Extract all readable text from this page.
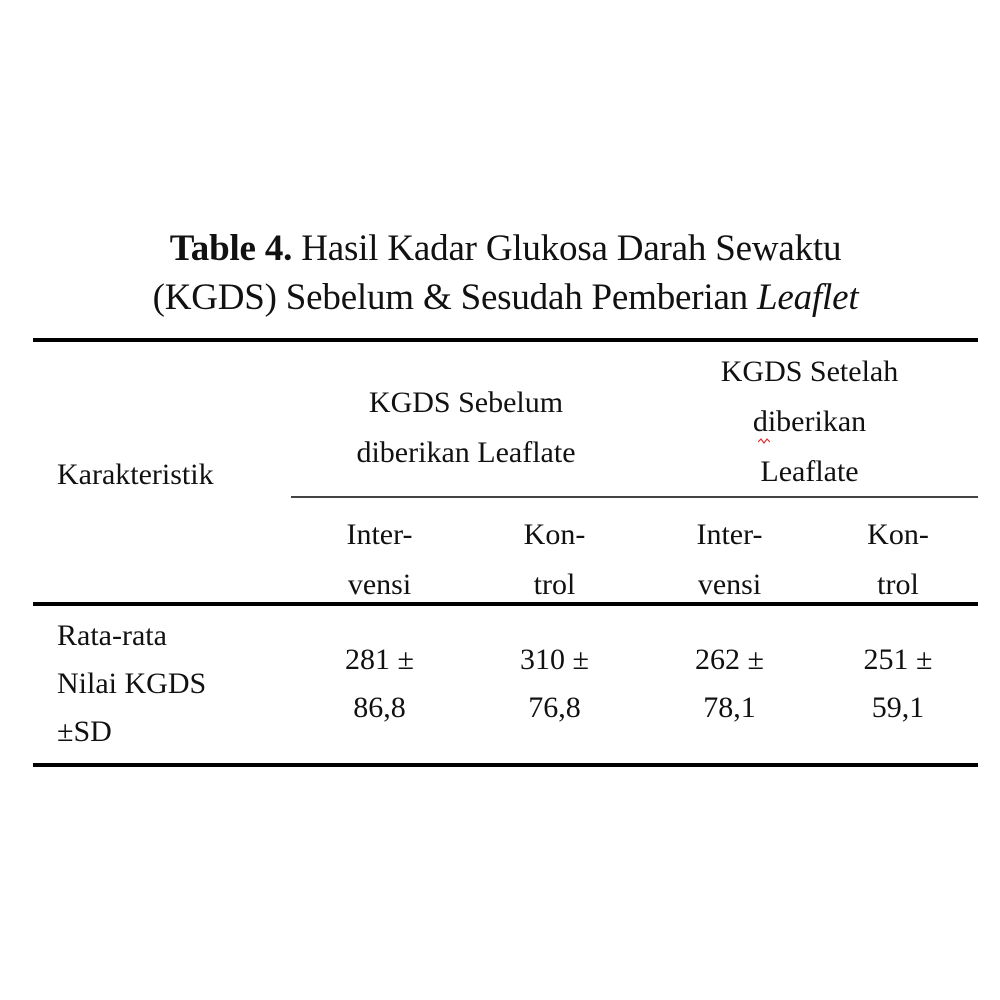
Table 4. Hasil Kadar Glukosa Darah Sewaktu
(KGDS) Sebelum & Sesudah Pemberian Leaflet
Karakteristik
KGDS Sebelum
diberikan Leaflate
KGDS Setelah
diberikan
Leaflate
Inter-
vensi
Kon-
trol
Inter-
vensi
Kon-
trol
Rata-rata
Nilai KGDS
±SD
281 ±
86,8
310 ±
76,8
262 ±
78,1
251 ±
59,1
